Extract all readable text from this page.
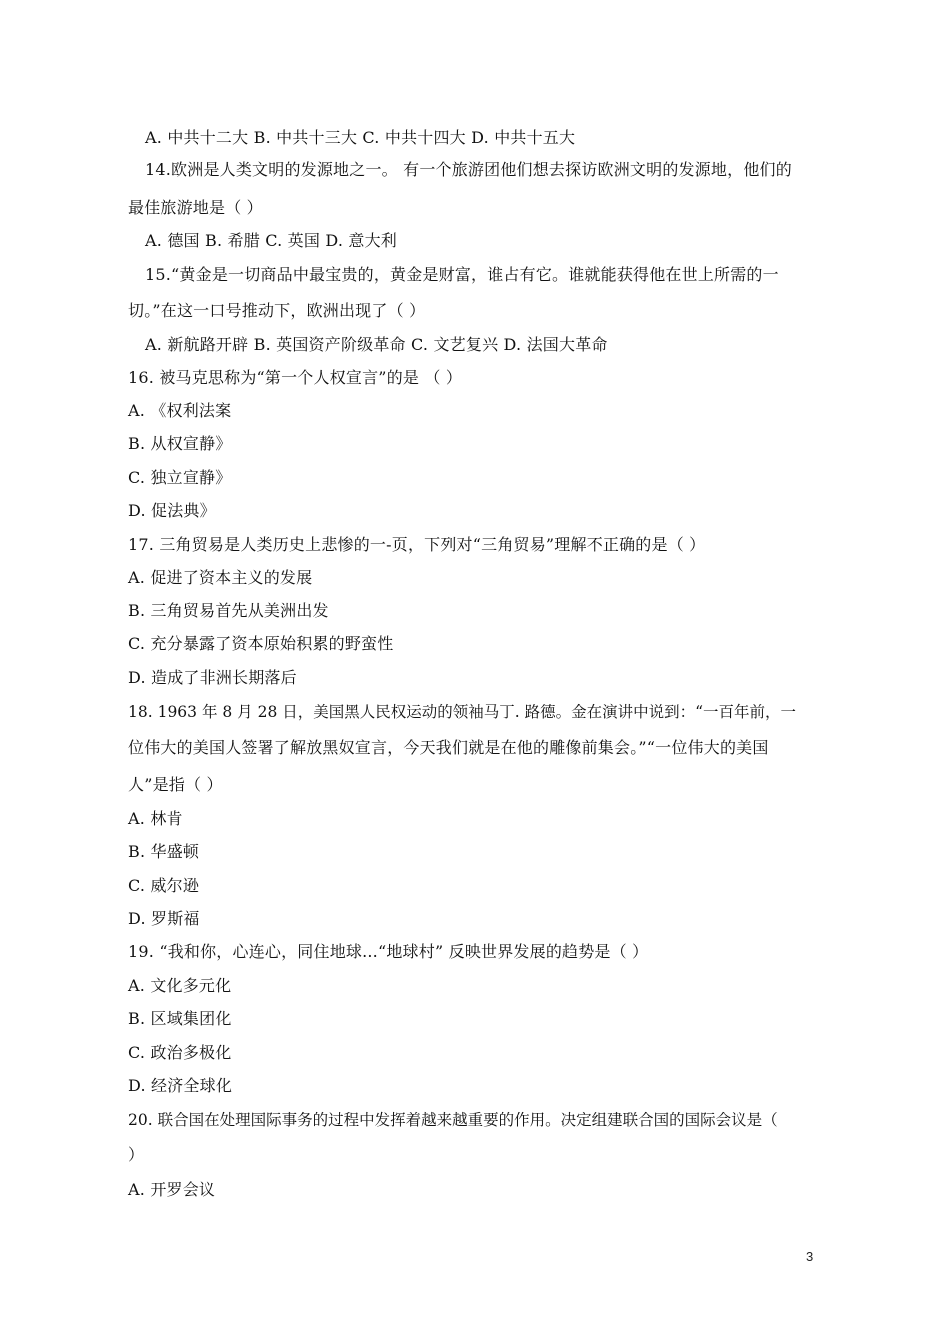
A. 中共十二大 B. 中共十三大 C. 中共十四大 D. 中共十五大
14.欧洲是人类文明的发源地之一。 有一个旅游团他们想去探访欧洲文明的发源地，他们的
最佳旅游地是（ ）
A. 德国 B. 希腊 C. 英国 D. 意大利
15.“黄金是一切商品中最宝贵的，黄金是财富，谁占有它。谁就能获得他在世上所需的一
切。”在这一口号推动下，欧洲出现了（ ）
A. 新航路开辟 B. 英国资产阶级革命 C. 文艺复兴 D. 法国大革命
16. 被马克思称为“第一个人权宣言”的是 （ ）
A. 《权利法案
B. 从权宣静》
C. 独立宣静》
D. 促法典》
17. 三角贸易是人类历史上悲惨的一-页，下列对“三角贸易”理解不正确的是（ ）
A. 促进了资本主义的发展
B. 三角贸易首先从美洲出发
C. 充分暴露了资本原始积累的野蛮性
D. 造成了非洲长期落后
18. 1963 年 8 月 28 日，美国黑人民权运动的领袖马丁. 路德。金在演讲中说到：“一百年前，一
位伟大的美国人签署了解放黑奴宣言，今天我们就是在他的雕像前集会。”“一位伟大的美国
人”是指（ ）
A. 林肯
B. 华盛顿
C. 威尔逊
D. 罗斯福
19. “我和你，心连心，同住地球...“地球村” 反映世界发展的趋势是（ ）
A. 文化多元化
B. 区域集团化
C. 政治多极化
D. 经济全球化
20. 联合国在处理国际事务的过程中发挥着越来越重要的作用。决定组建联合国的国际会议是（
）
A. 开罗会议
3
